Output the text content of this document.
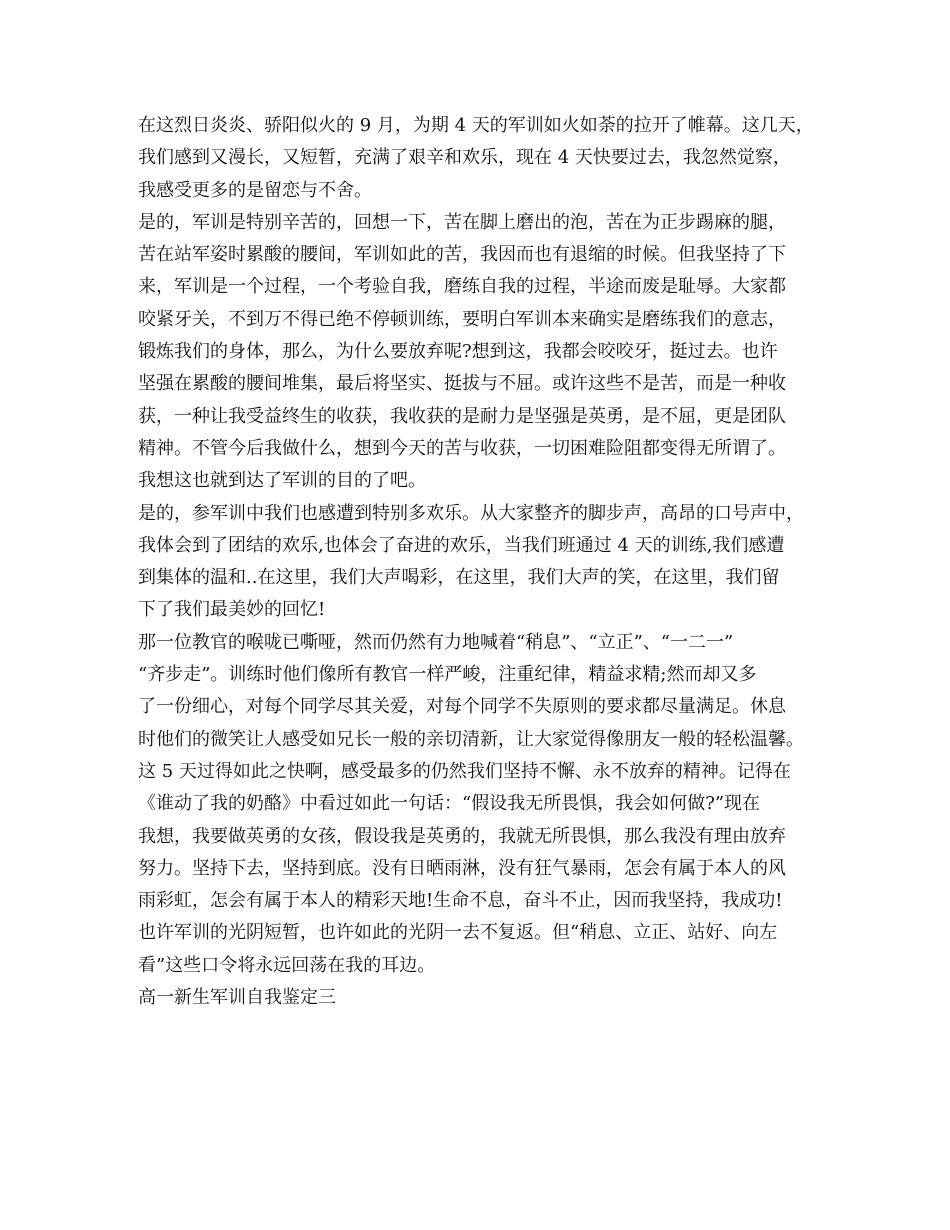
在这烈日炎炎、骄阳似火的 9 月，为期 4 天的军训如火如荼的拉开了帷幕。这几天，
我们感到又漫长，又短暂，充满了艰辛和欢乐，现在 4 天快要过去，我忽然觉察，
我感受更多的是留恋与不舍。
是的，军训是特别辛苦的，回想一下，苦在脚上磨出的泡，苦在为正步踢麻的腿，
苦在站军姿时累酸的腰间，军训如此的苦，我因而也有退缩的时候。但我坚持了下
来，军训是一个过程，一个考验自我，磨练自我的过程，半途而废是耻辱。大家都
咬紧牙关，不到万不得已绝不停顿训练，要明白军训本来确实是磨练我们的意志，
锻炼我们的身体，那么，为什么要放弃呢?想到这，我都会咬咬牙，挺过去。也许
坚强在累酸的腰间堆集，最后将坚实、挺拔与不屈。或许这些不是苦，而是一种收
获，一种让我受益终生的收获，我收获的是耐力是坚强是英勇，是不屈，更是团队
精神。不管今后我做什么，想到今天的苦与收获，一切困难险阻都变得无所谓了。
我想这也就到达了军训的目的了吧。
是的，参军训中我们也感遭到特别多欢乐。从大家整齐的脚步声，高昂的口号声中，
我体会到了团结的欢乐,也体会了奋进的欢乐，当我们班通过 4 天的训练,我们感遭
到集体的温和..在这里，我们大声喝彩，在这里，我们大声的笑，在这里，我们留
下了我们最美妙的回忆!
那一位教官的喉咙已嘶哑，然而仍然有力地喊着“稍息”、“立正”、“一二一”
“齐步走”。训练时他们像所有教官一样严峻，注重纪律，精益求精;然而却又多
了一份细心，对每个同学尽其关爱，对每个同学不失原则的要求都尽量满足。休息
时他们的微笑让人感受如兄长一般的亲切清新，让大家觉得像朋友一般的轻松温馨。
这 5 天过得如此之快啊，感受最多的仍然我们坚持不懈、永不放弃的精神。记得在
《谁动了我的奶酪》中看过如此一句话：“假设我无所畏惧，我会如何做?”现在
我想，我要做英勇的女孩，假设我是英勇的，我就无所畏惧，那么我没有理由放弃
努力。坚持下去，坚持到底。没有日晒雨淋，没有狂气暴雨，怎会有属于本人的风
雨彩虹，怎会有属于本人的精彩天地!生命不息，奋斗不止，因而我坚持，我成功!
也许军训的光阴短暂，也许如此的光阴一去不复返。但“稍息、立正、站好、向左
看”这些口令将永远回荡在我的耳边。
高一新生军训自我鉴定三
